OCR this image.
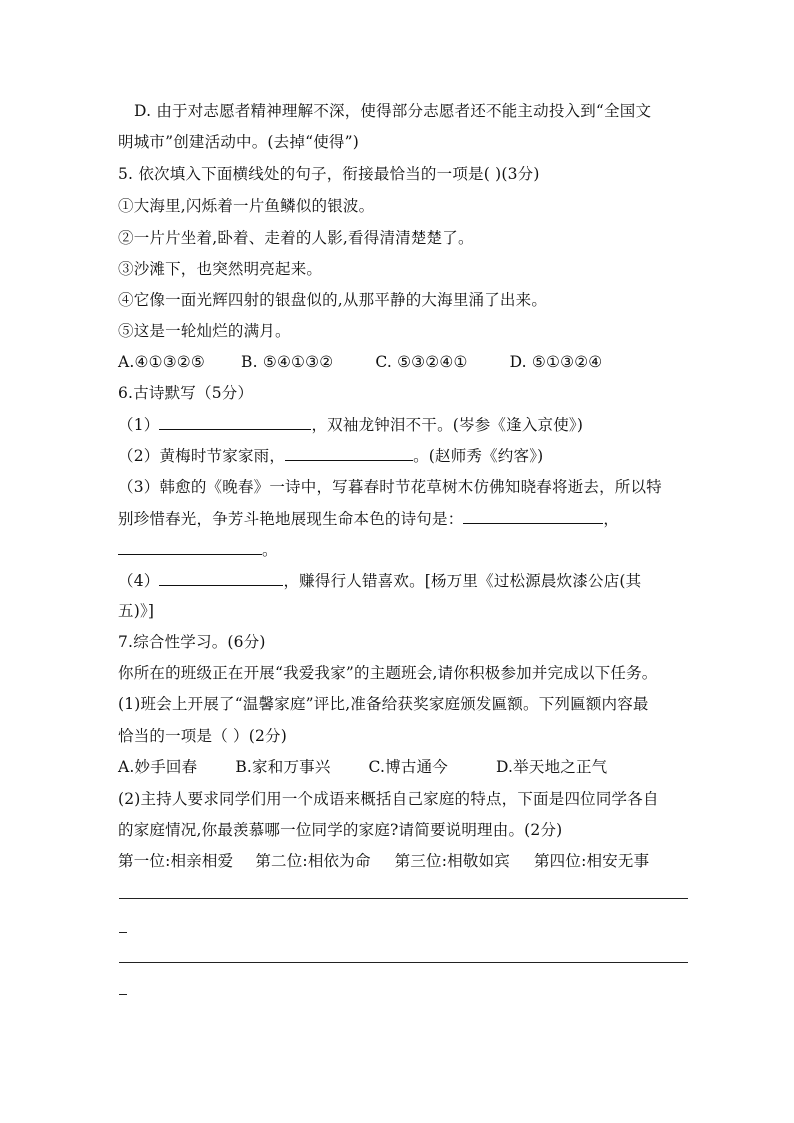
D. 由于对志愿者精神理解不深，使得部分志愿者还不能主动投入到“全国文
明城市”创建活动中。(去掉“使得”)
5. 依次填入下面横线处的句子，衔接最恰当的一项是( )(3分)
①大海里,闪烁着一片鱼鳞似的银波。
②一片片坐着,卧着、走着的人影,看得清清楚楚了。
③沙滩下，也突然明亮起来。
④它像一面光辉四射的银盘似的,从那平静的大海里涌了出来。
⑤这是一轮灿烂的满月。
A.④①③②⑤ B. ⑤④①③②	C. ⑤③②④①	D. ⑤①③②④
6.古诗默写（5分）
（1）	，双袖龙钟泪不干。(岑参《逢入京使》)
（2）黄梅时节家家雨，	。(赵师秀《约客》)
（3）韩愈的《晚春》一诗中，写暮春时节花草树木仿佛知晓春将逝去，所以特
别珍惜春光，争芳斗艳地展现生命本色的诗句是：	，
。
（4）	，赚得行人错喜欢。[杨万里《过松源晨炊漆公店(其
五)》]
7.综合性学习。(6分)
你所在的班级正在开展“我爱我家”的主题班会,请你积极参加并完成以下任务。
(1)班会上开展了“温馨家庭”评比,准备给获奖家庭颁发匾额。下列匾额内容最
恰当的一项是（ ）(2分)
A.妙手回春 B.家和万事兴 C.博古通今	D.举天地之正气
(2)主持人要求同学们用一个成语来概括自己家庭的特点，下面是四位同学各自
的家庭情况,你最羡慕哪一位同学的家庭?请简要说明理由。(2分)
第一位:相亲相爱 第二位:相依为命 第三位:相敬如宾 第四位:相安无事
